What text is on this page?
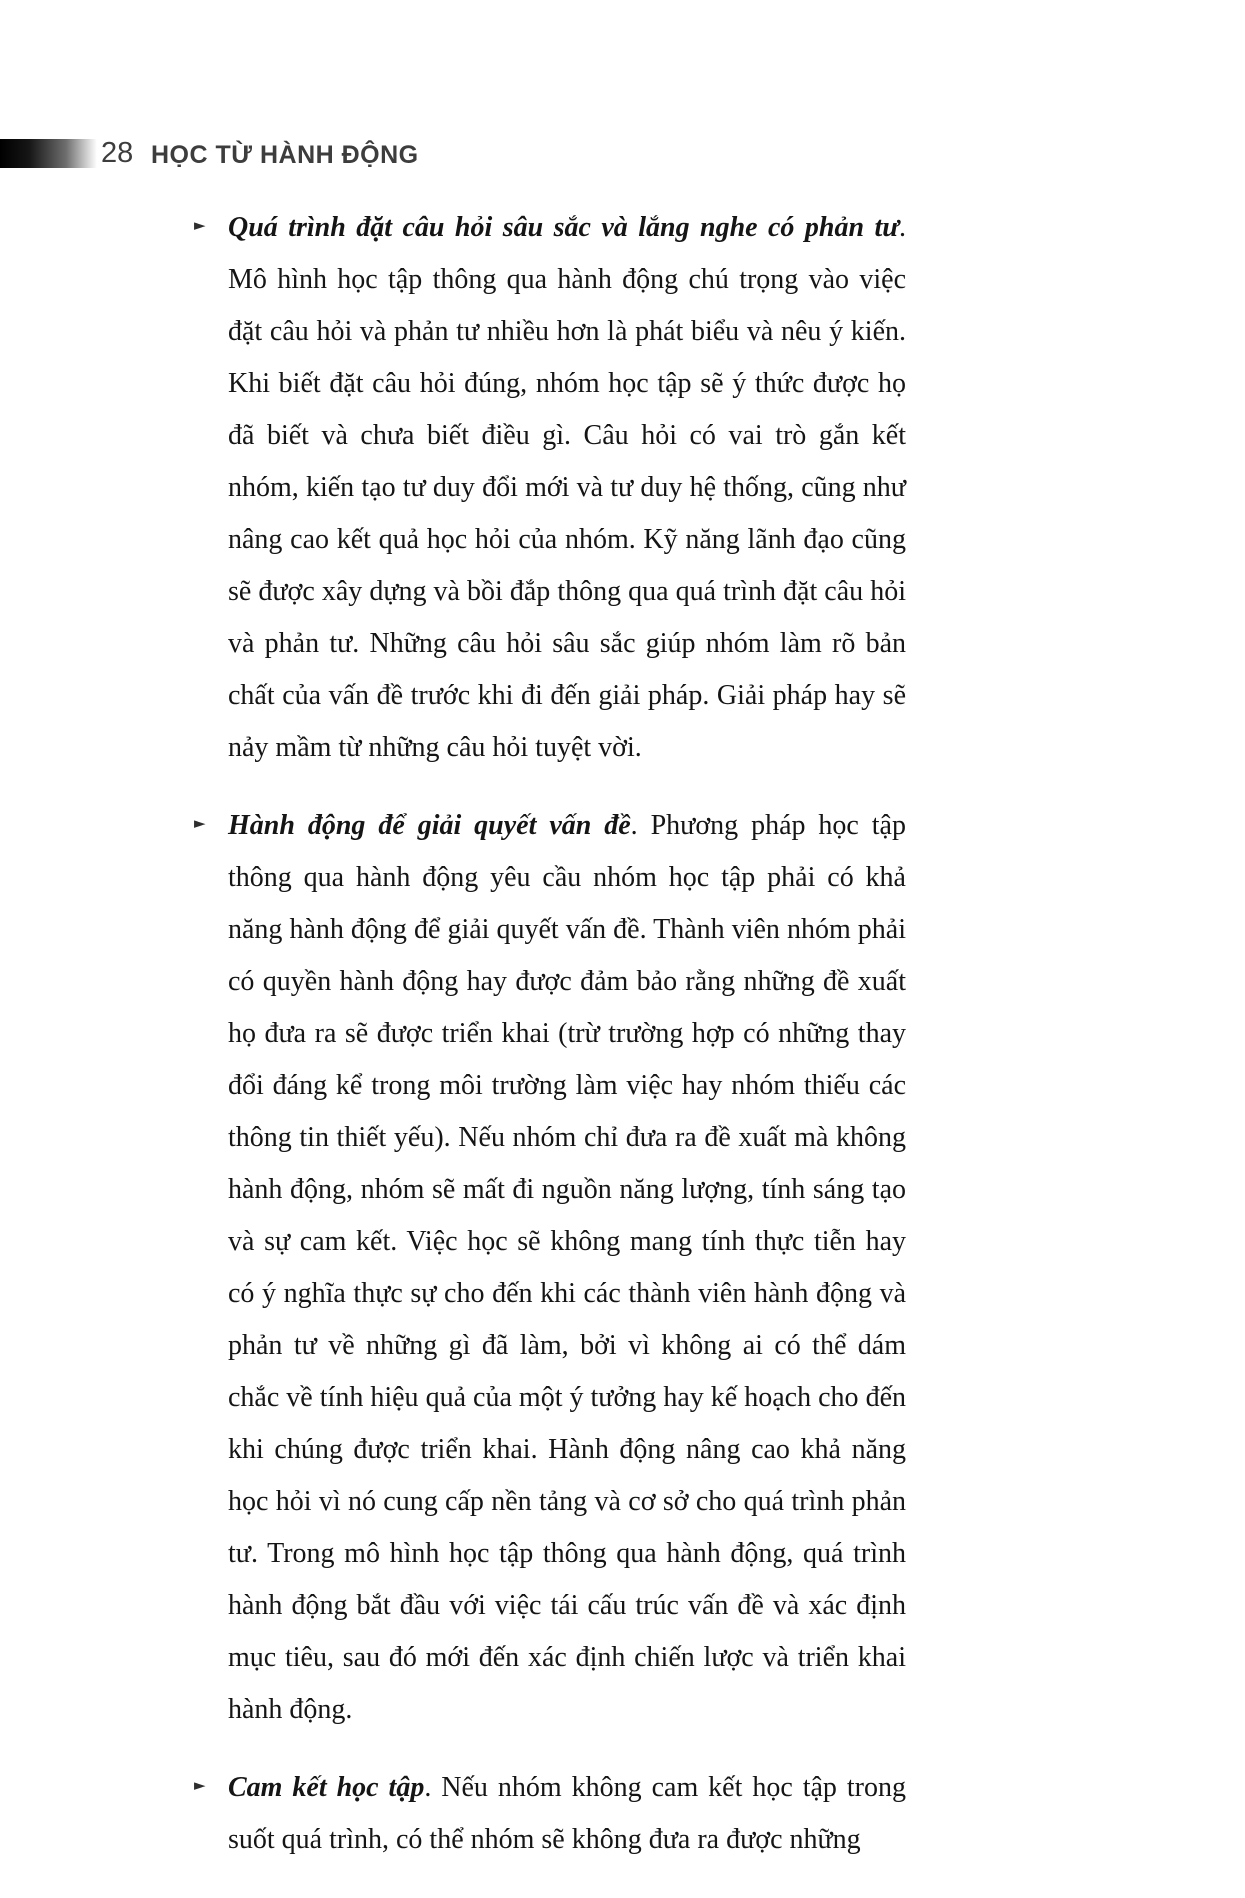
28 HỌC TỪ HÀNH ĐỘNG
► Quá trình đặt câu hỏi sâu sắc và lắng nghe có phản tư. Mô hình học tập thông qua hành động chú trọng vào việc đặt câu hỏi và phản tư nhiều hơn là phát biểu và nêu ý kiến. Khi biết đặt câu hỏi đúng, nhóm học tập sẽ ý thức được họ đã biết và chưa biết điều gì. Câu hỏi có vai trò gắn kết nhóm, kiến tạo tư duy đổi mới và tư duy hệ thống, cũng như nâng cao kết quả học hỏi của nhóm. Kỹ năng lãnh đạo cũng sẽ được xây dựng và bồi đắp thông qua quá trình đặt câu hỏi và phản tư. Những câu hỏi sâu sắc giúp nhóm làm rõ bản chất của vấn đề trước khi đi đến giải pháp. Giải pháp hay sẽ nảy mầm từ những câu hỏi tuyệt vời.
► Hành động để giải quyết vấn đề. Phương pháp học tập thông qua hành động yêu cầu nhóm học tập phải có khả năng hành động để giải quyết vấn đề. Thành viên nhóm phải có quyền hành động hay được đảm bảo rằng những đề xuất họ đưa ra sẽ được triển khai (trừ trường hợp có những thay đổi đáng kể trong môi trường làm việc hay nhóm thiếu các thông tin thiết yếu). Nếu nhóm chỉ đưa ra đề xuất mà không hành động, nhóm sẽ mất đi nguồn năng lượng, tính sáng tạo và sự cam kết. Việc học sẽ không mang tính thực tiễn hay có ý nghĩa thực sự cho đến khi các thành viên hành động và phản tư về những gì đã làm, bởi vì không ai có thể dám chắc về tính hiệu quả của một ý tưởng hay kế hoạch cho đến khi chúng được triển khai. Hành động nâng cao khả năng học hỏi vì nó cung cấp nền tảng và cơ sở cho quá trình phản tư. Trong mô hình học tập thông qua hành động, quá trình hành động bắt đầu với việc tái cấu trúc vấn đề và xác định mục tiêu, sau đó mới đến xác định chiến lược và triển khai hành động.
► Cam kết học tập. Nếu nhóm không cam kết học tập trong suốt quá trình, có thể nhóm sẽ không đưa ra được những
